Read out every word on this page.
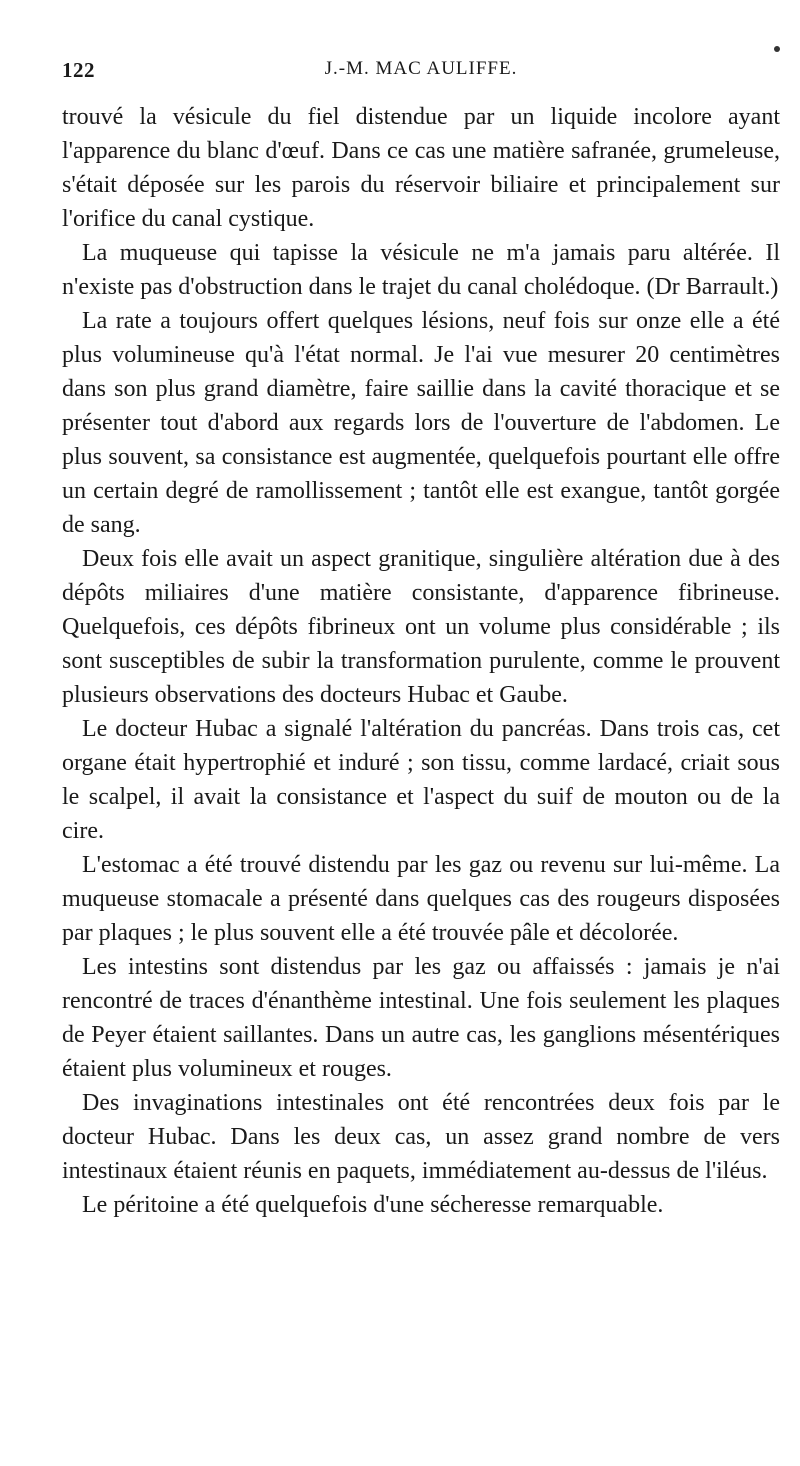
122	J.-M. MAC AULIFFE.

trouvé la vésicule du fiel distendue par un liquide incolore ayant l'apparence du blanc d'œuf. Dans ce cas une matière safranée, grumeleuse, s'était déposée sur les parois du réservoir biliaire et principalement sur l'orifice du canal cystique.

La muqueuse qui tapisse la vésicule ne m'a jamais paru altérée. Il n'existe pas d'obstruction dans le trajet du canal cholédoque. (Dr Barrault.)

La rate a toujours offert quelques lésions, neuf fois sur onze elle a été plus volumineuse qu'à l'état normal. Je l'ai vue mesurer 20 centimètres dans son plus grand diamètre, faire saillie dans la cavité thoracique et se présenter tout d'abord aux regards lors de l'ouverture de l'abdomen. Le plus souvent, sa consistance est augmentée, quelquefois pourtant elle offre un certain degré de ramollissement ; tantôt elle est exangue, tantôt gorgée de sang.

Deux fois elle avait un aspect granitique, singulière altération due à des dépôts miliaires d'une matière consistante, d'apparence fibrineuse. Quelquefois, ces dépôts fibrineux ont un volume plus considérable ; ils sont susceptibles de subir la transformation purulente, comme le prouvent plusieurs observations des docteurs Hubac et Gaube.

Le docteur Hubac a signalé l'altération du pancréas. Dans trois cas, cet organe était hypertrophié et induré ; son tissu, comme lardacé, criait sous le scalpel, il avait la consistance et l'aspect du suif de mouton ou de la cire.

L'estomac a été trouvé distendu par les gaz ou revenu sur lui-même. La muqueuse stomacale a présenté dans quelques cas des rougeurs disposées par plaques ; le plus souvent elle a été trouvée pâle et décolorée.

Les intestins sont distendus par les gaz ou affaissés : jamais je n'ai rencontré de traces d'énanthème intestinal. Une fois seulement les plaques de Peyer étaient saillantes. Dans un autre cas, les ganglions mésentériques étaient plus volumineux et rouges.

Des invaginations intestinales ont été rencontrées deux fois par le docteur Hubac. Dans les deux cas, un assez grand nombre de vers intestinaux étaient réunis en paquets, immédiatement au-dessus de l'iléus.

Le péritoine a été quelquefois d'une sécheresse remarquable.
